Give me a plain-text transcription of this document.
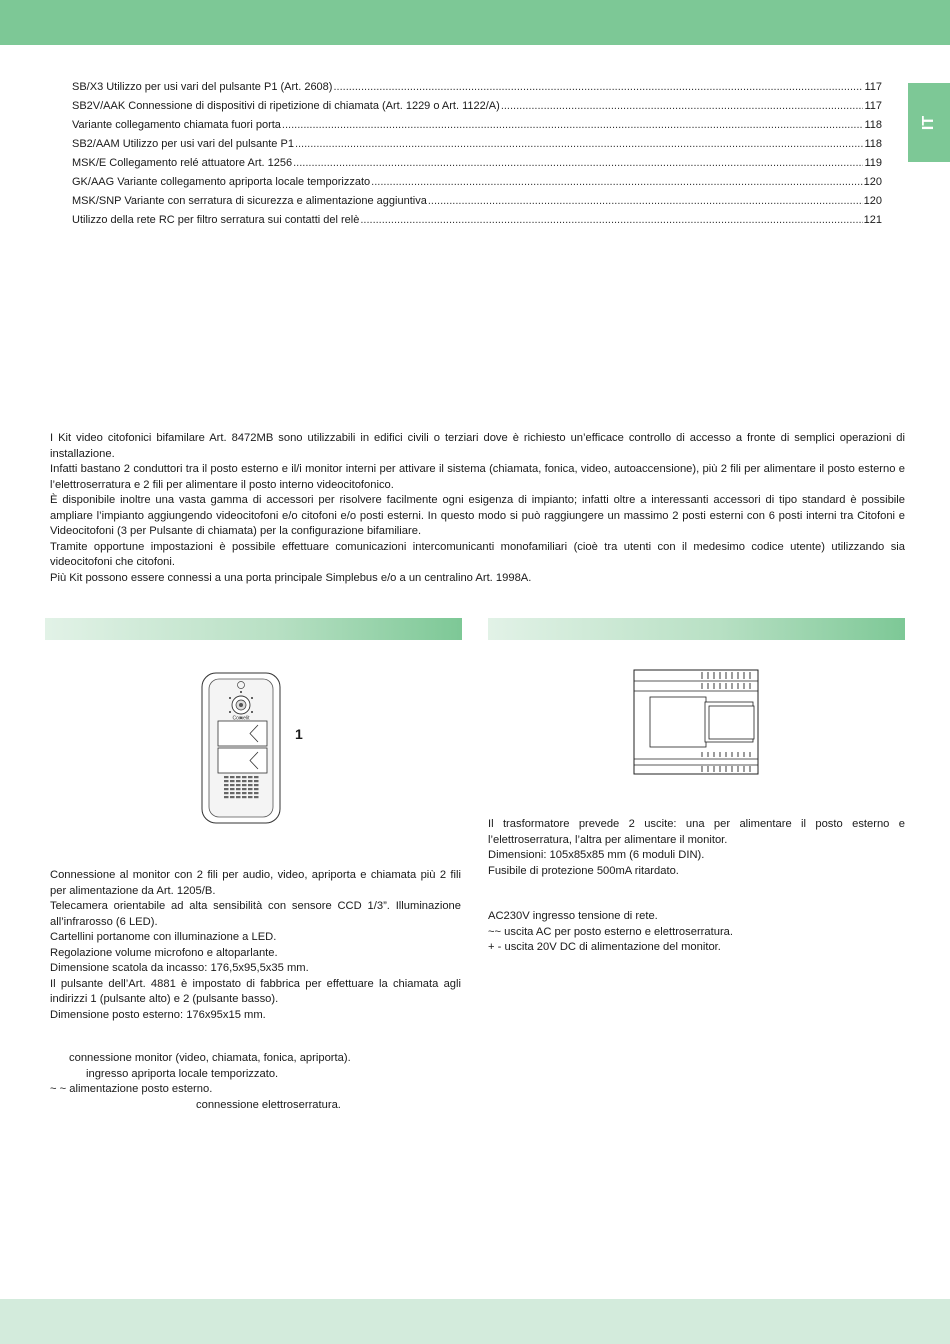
IT
SB/X3 Utilizzo per usi vari del pulsante P1 (Art. 2608) .....	117
SB2V/AAK Connessione di dispositivi di ripetizione di chiamata (Art. 1229 o Art. 1122/A) .....	117
Variante collegamento chiamata fuori porta .....	118
SB2/AAM Utilizzo per usi vari del pulsante P1 .....	118
MSK/E Collegamento relé attuatore Art. 1256 .....	119
GK/AAG Variante collegamento apriporta locale temporizzato .....	120
MSK/SNP Variante con serratura di sicurezza e alimentazione aggiuntiva .....	120
Utilizzo della rete RC per filtro serratura sui contatti del relè .....	121

I Kit video citofonici bifamilare Art. 8472MB sono utilizzabili in edifici civili o terziari dove è richiesto un’efficace controllo di accesso a fronte di semplici operazioni di installazione.

Infatti bastano 2 conduttori tra il posto esterno e il/i monitor interni per attivare il sistema (chiamata, fonica, video, autoaccensione), più 2 fili per alimentare il posto esterno e l’elettroserratura e 2 fili per alimentare il posto interno videocitofonico.

È disponibile inoltre una vasta gamma di accessori per risolvere facilmente ogni esigenza di impianto; infatti oltre a interessanti accessori di tipo standard è possibile ampliare l’impianto aggiungendo videocitofoni e/o citofoni e/o posti esterni. In questo modo si può raggiungere un massimo 2 posti esterni con 6 posti interni tra Citofoni e Videocitofoni (3 per Pulsante di chiamata) per la configurazione bifamiliare.

Tramite opportune impostazioni è possibile effettuare comunicazioni intercomunicanti monofamiliari (cioè tra utenti con il medesimo codice utente) utilizzando sia videocitofoni che citofoni.

Più Kit possono essere connessi a una porta principale Simplebus e/o a un centralino Art. 1998A.

Comelit
1

Connessione al monitor con 2 fili per audio, video, apriporta e chiamata più 2 fili per alimentazione da Art. 1205/B.

Telecamera orientabile ad alta sensibilità con sensore CCD 1/3”. Illuminazione all’infrarosso (6 LED).

Cartellini portanome con illuminazione a LED.

Regolazione volume microfono e altoparlante.

Dimensione scatola da incasso: 176,5x95,5x35 mm.

Il pulsante dell’Art. 4881 è impostato di fabbrica per effettuare la chiamata agli indirizzi 1 (pulsante alto) e 2 (pulsante basso).

Dimensione posto esterno: 176x95x15 mm.

connessione monitor (video, chiamata, fonica, apriporta).

ingresso apriporta locale temporizzato.

~ ~ alimentazione posto esterno.

connessione elettroserratura.

Il trasformatore prevede 2 uscite: una per alimentare il posto esterno e l’elettroserratura, l’altra per alimentare il monitor.

Dimensioni: 105x85x85 mm (6 moduli DIN).

Fusibile di protezione 500mA ritardato.

AC230V ingresso tensione di rete.

~~ uscita AC per posto esterno e elettroserratura.

+ - uscita 20V DC di alimentazione del monitor.
